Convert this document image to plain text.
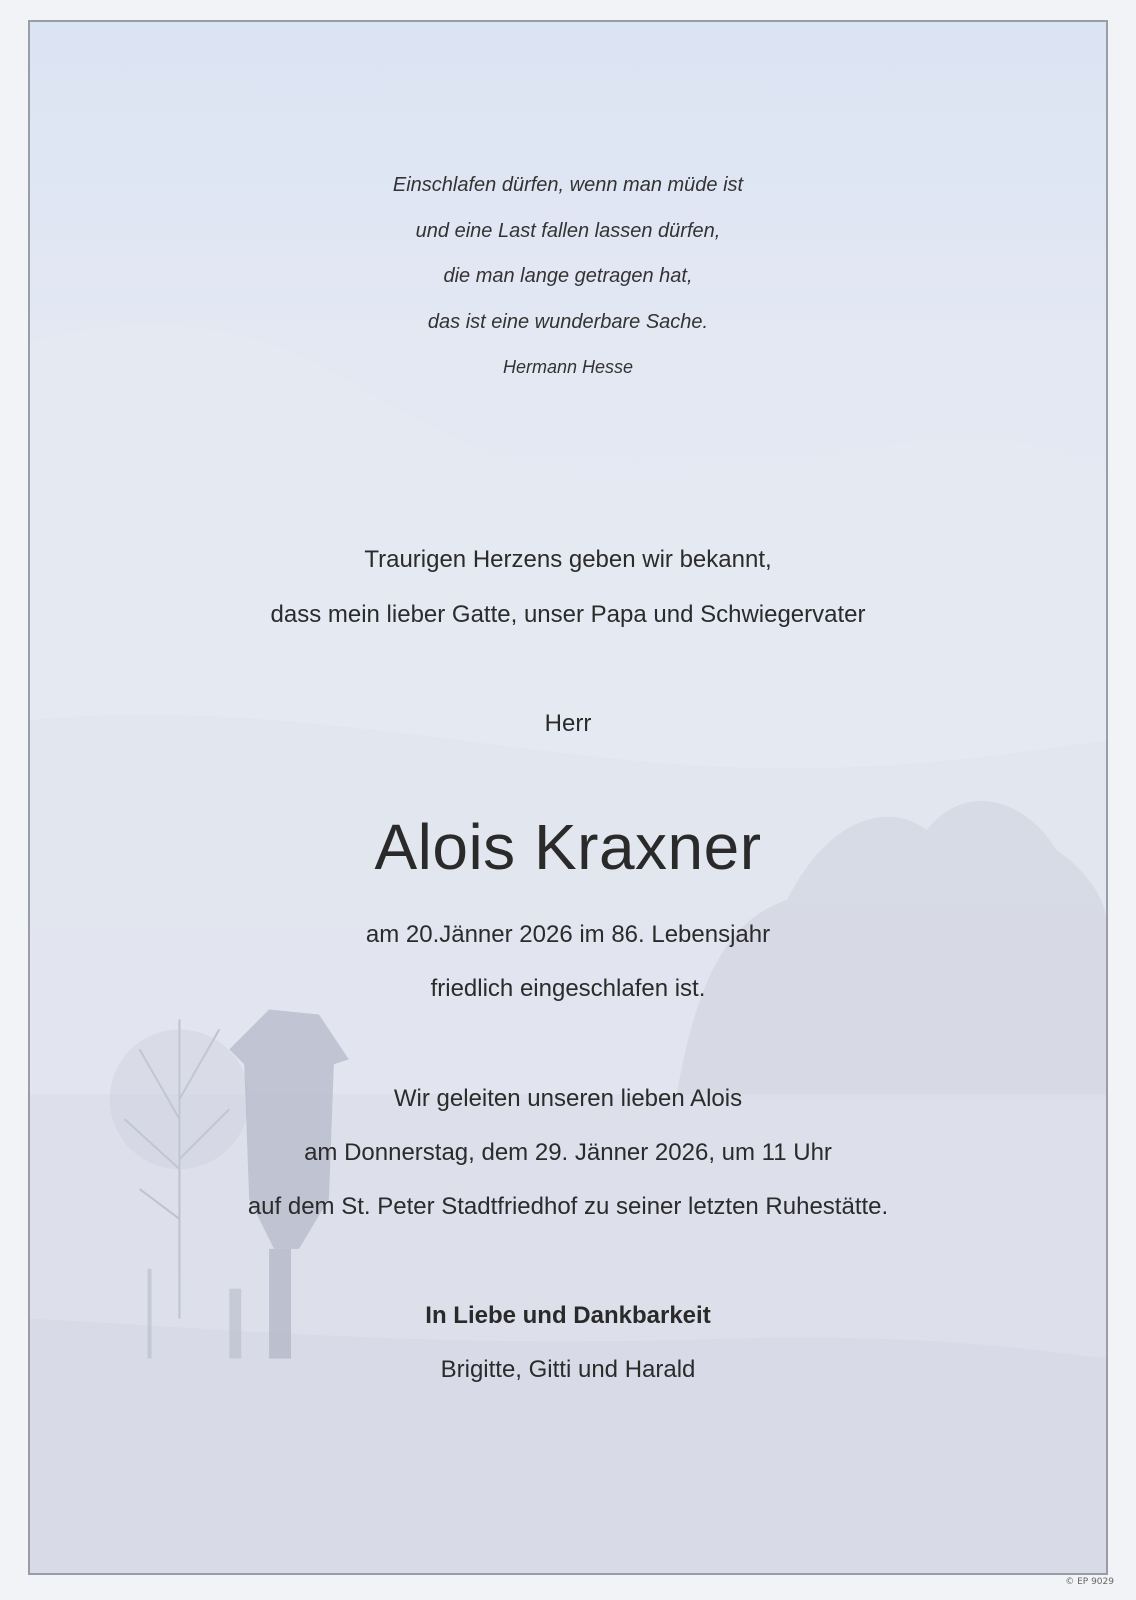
Einschlafen dürfen, wenn man müde ist
und eine Last fallen lassen dürfen,
die man lange getragen hat,
das ist eine wunderbare Sache.
Hermann Hesse
Traurigen Herzens geben wir bekannt,
dass mein lieber Gatte, unser Papa und Schwiegervater
Herr
Alois Kraxner
am 20.Jänner 2026 im 86. Lebensjahr
friedlich eingeschlafen ist.
Wir geleiten unseren lieben Alois
am Donnerstag, dem 29. Jänner 2026, um 11 Uhr
auf dem St. Peter Stadtfriedhof zu seiner letzten Ruhestätte.
In Liebe und Dankbarkeit
Brigitte, Gitti und Harald
© EP 9029
